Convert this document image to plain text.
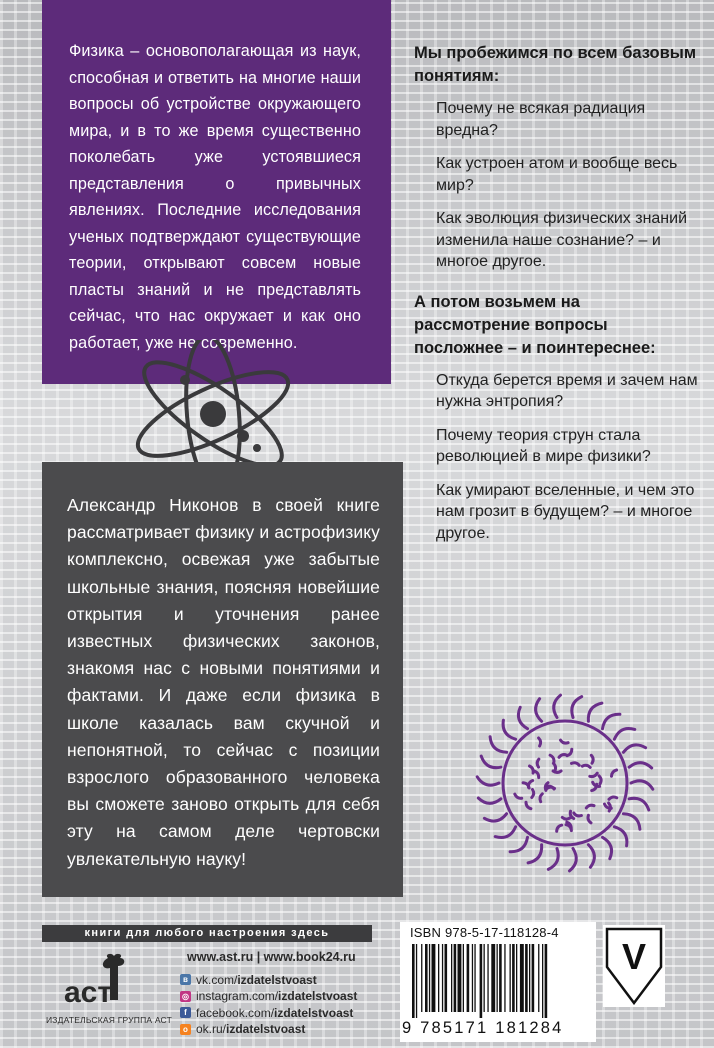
Физика – основополагающая из наук, способная и ответить на многие наши вопросы об устройстве окружающего мира, и в то же время существенно поколебать уже устоявшиеся представления о привычных явлениях. Последние исследования ученых подтверждают существующие теории, открывают совсем новые пласты знаний и не представлять сейчас, что нас окружает и как оно работает, уже не современно.

Александр Никонов в своей книге рассматривает физику и астрофизику комплексно, освежая уже забытые школьные знания, поясняя новейшие открытия и уточнения ранее известных физических законов, знакомя нас с новыми понятиями и фактами. И даже если физика в школе казалась вам скучной и непонятной, то сейчас с позиции взрослого образованного человека вы сможете заново открыть для себя эту на самом деле чертовски увлекательную науку!

Мы пробежимся по всем базовым понятиям:

Почему не всякая радиация вредна?

Как устроен атом и вообще весь мир?

Как эволюция физических знаний изменила наше сознание? – и многое другое.

А потом возьмем на рассмотрение вопросы посложнее – и поинтереснее:

Откуда берется время и зачем нам нужна энтропия?

Почему теория струн стала революцией в мире физики?

Как умирают вселенные, и чем это нам грозит в будущем? – и многое другое.

книги для любого настроения здесь
аст
ИЗДАТЕЛЬСКАЯ ГРУППА АСТ
www.ast.ru | www.book24.ru
в vk.com/ izdatelstvoast
◎ instagram.com/ izdatelstvoast
f facebook.com/ izdatelstvoast
о ok.ru/ izdatelstvoast
ISBN 978-5-17-118128-4
9 785171 181284
V
